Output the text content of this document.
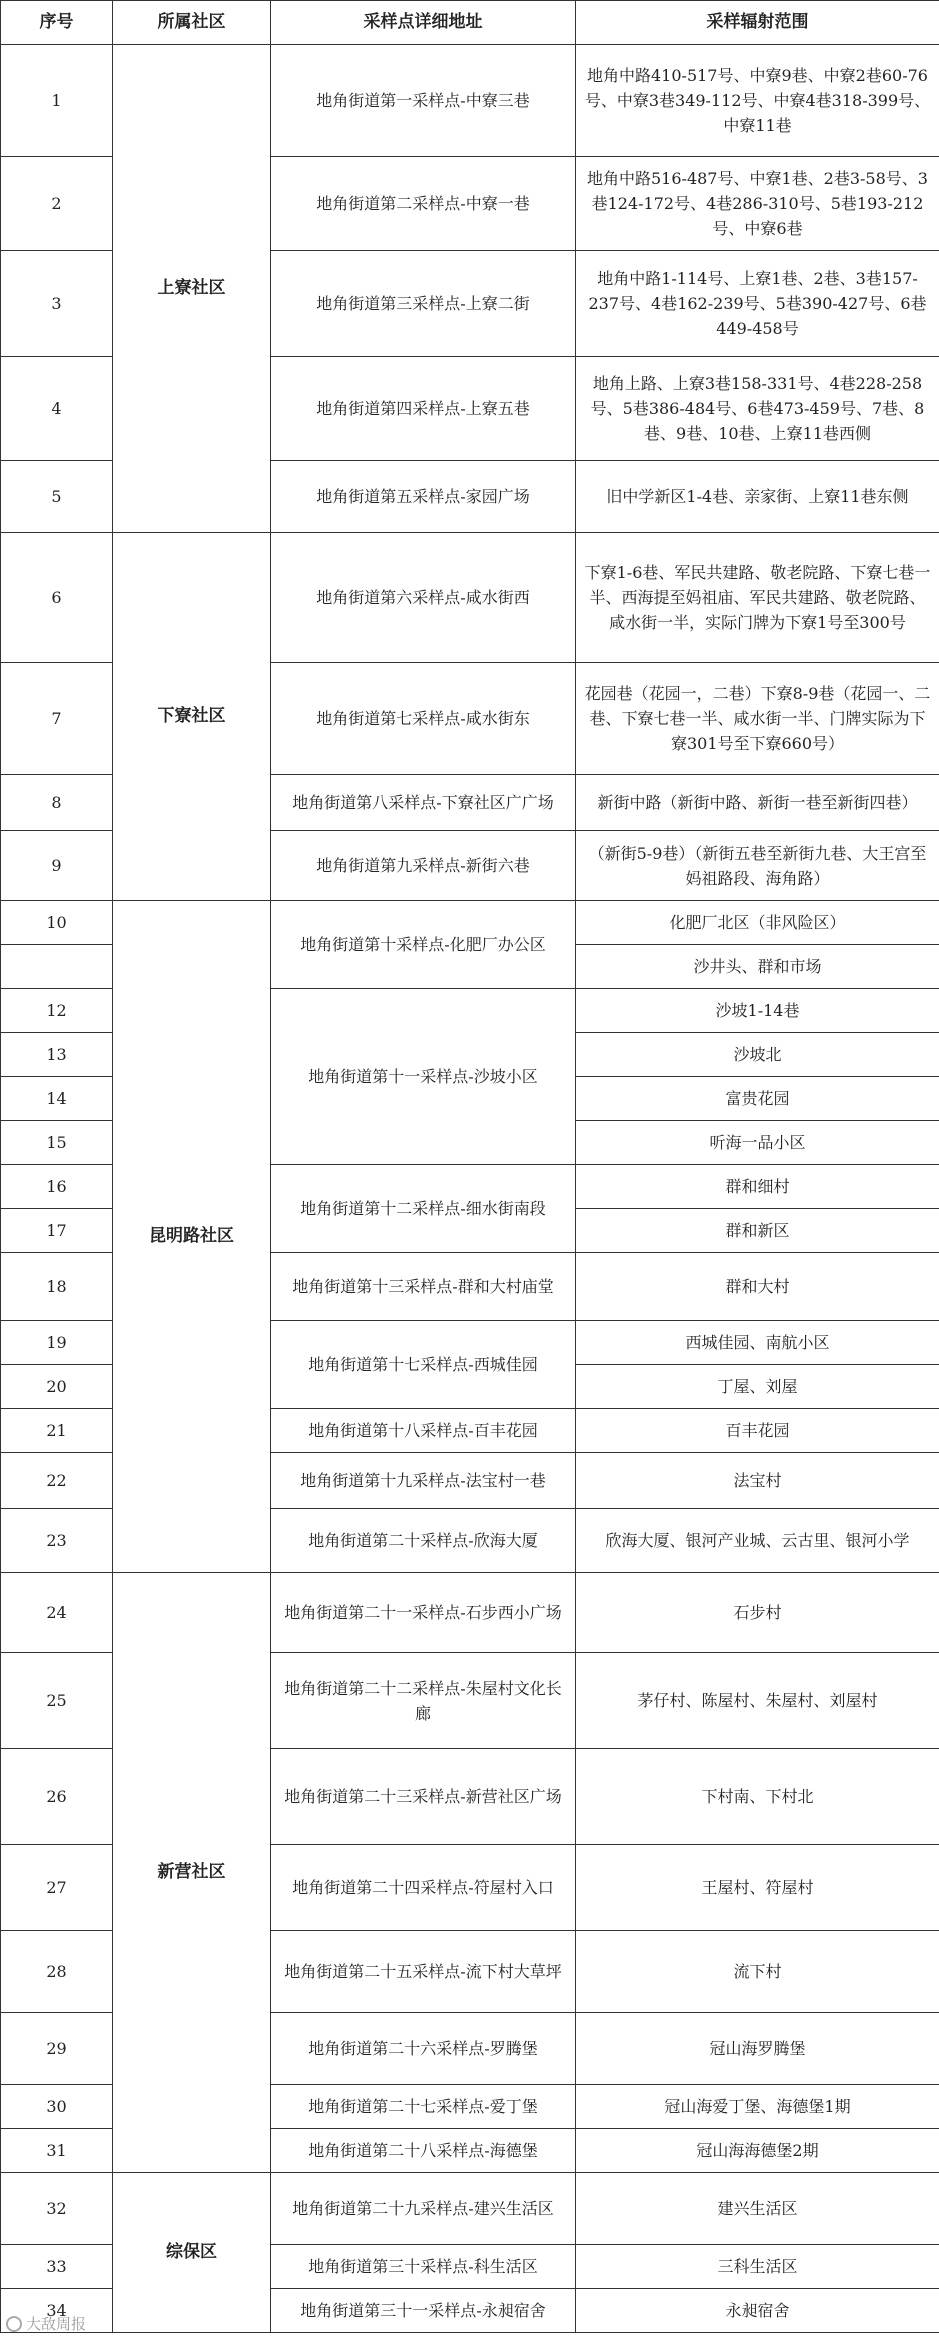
序号	所属社区	采样点详细地址	采样辐射范围
1	上寮社区	地角街道第一采样点-中寮三巷	地角中路410-517号、中寮9巷、中寮2巷60-76号、中寮3巷349-112号、中寮4巷318-399号、中寮11巷
2		地角街道第二采样点-中寮一巷	地角中路516-487号、中寮1巷、2巷3-58号、3巷124-172号、4巷286-310号、5巷193-212号、中寮6巷
3		地角街道第三采样点-上寮二街	地角中路1-114号、上寮1巷、2巷、3巷157-237号、4巷162-239号、5巷390-427号、6巷449-458号
4		地角街道第四采样点-上寮五巷	地角上路、上寮3巷158-331号、4巷228-258号、5巷386-484号、6巷473-459号、7巷、8巷、9巷、10巷、上寮11巷西侧
5		地角街道第五采样点-家园广场	旧中学新区1-4巷、亲家街、上寮11巷东侧
6	下寮社区	地角街道第六采样点-咸水街西	下寮1-6巷、军民共建路、敬老院路、下寮七巷一半、西海提至妈祖庙、军民共建路、敬老院路、咸水街一半，实际门牌为下寮1号至300号
7		地角街道第七采样点-咸水街东	花园巷（花园一，二巷）下寮8-9巷（花园一、二巷、下寮七巷一半、咸水街一半、门牌实际为下寮301号至下寮660号）
8		地角街道第八采样点-下寮社区广广场	新街中路（新街中路、新街一巷至新街四巷）
9		地角街道第九采样点-新街六巷	（新街5-9巷）（新街五巷至新街九巷、大王宫至妈祖路段、海角路）
10	昆明路社区	地角街道第十采样点-化肥厂办公区	化肥厂北区（非风险区）
			沙井头、群和市场
12		地角街道第十一采样点-沙坡小区	沙坡1-14巷
13			沙坡北
14			富贵花园
15			听海一品小区
16		地角街道第十二采样点-细水街南段	群和细村
17			群和新区
18		地角街道第十三采样点-群和大村庙堂	群和大村
19		地角街道第十七采样点-西城佳园	西城佳园、南航小区
20			丁屋、刘屋
21		地角街道第十八采样点-百丰花园	百丰花园
22		地角街道第十九采样点-法宝村一巷	法宝村
23		地角街道第二十采样点-欣海大厦	欣海大厦、银河产业城、云古里、银河小学
24	新营社区	地角街道第二十一采样点-石步西小广场	石步村
25		地角街道第二十二采样点-朱屋村文化长廊	茅仔村、陈屋村、朱屋村、刘屋村
26		地角街道第二十三采样点-新营社区广场	下村南、下村北
27		地角街道第二十四采样点-符屋村入口	王屋村、符屋村
28		地角街道第二十五采样点-流下村大草坪	流下村
29		地角街道第二十六采样点-罗腾堡	冠山海罗腾堡
30		地角街道第二十七采样点-爱丁堡	冠山海爱丁堡、海德堡1期
31		地角街道第二十八采样点-海德堡	冠山海海德堡2期
32	综保区	地角街道第二十九采样点-建兴生活区	建兴生活区
33		地角街道第三十采样点-科生活区	三科生活区
34		地角街道第三十一采样点-永昶宿舍	永昶宿舍
大敌周报
